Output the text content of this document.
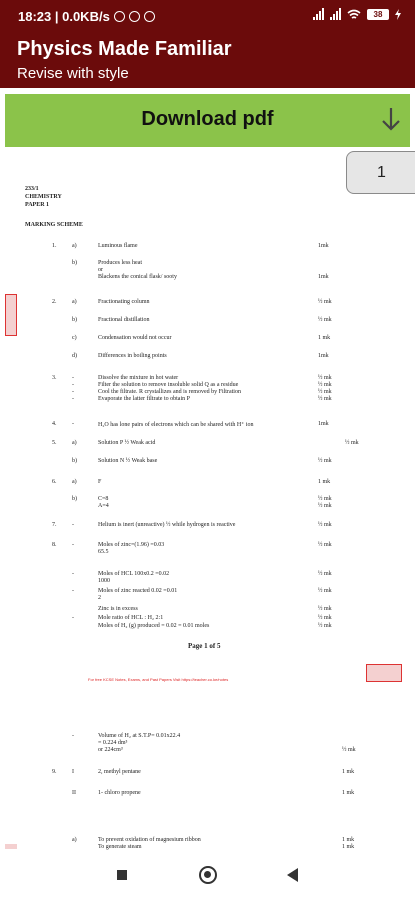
18:23 | 0.0KB/s	38
Physics Made Familiar
Revise with style
Download pdf
233/1
CHEMISTRY
PAPER 1
MARKING SCHEME
Page 1 of 5
For free KCSE Notes, Exams, and Past Papers Visit https://teacher.co.ke/notes
1.	a)	Luminous flame	1mk
b)	Produces less heat
or
Blackens the conical flask/ sooty	1mk
2.	a)	Fractionating column	½ mk
b)	Fractional distillation	½ mk
c)	Condensation would not occur	1 mk
d)	Differences in boiling points	1mk
3.	-	Dissolve the mixture in hot water	½ mk
-	Filter the solution to remove insoluble solid Q as a residue	½ mk
-	Cool the filtrate. R crystallizes and is removed by Filtration	½ mk
-	Evaporate the latter filtrate to obtain P	½ mk
4.	-	H₂O has lone pairs of electrons which can be shared with H⁺ ion	1mk
5.	a)	Solution P ½ Weak acid	½ mk
b)	Solution N ½ Weak base	½ mk
6.	a)	F	1 mk
b)	C=8	½ mk
A=4	½ mk
7.	-	Helium is inert (unreactive) ½ while hydrogen is reactive	½ mk
8.	-	Moles of zinc=(1.96) =0.03	½ mk
65.5
-	Moles of HCL 100x0.2 =0.02	½ mk
1000
-	Moles of zinc reacted 0.02 =0.01	½ mk
2
Zinc is in excess	½ mk
-	Mole ratio of HCL : H₂ 2:1	½ mk
Moles of H₂ (g) produced = 0.02 = 0.01 moles	½ mk
-	Volume of H₂ at S.T.P= 0.01x22.4
= 0.224 dm³
or 224cm³	½ mk
9.	I	2, methyl pentane	1 mk
II	1- chloro propene	1 mk
a)	To prevent oxidation of magnesium ribbon	1 mk
To generate steam	1 mk
1
